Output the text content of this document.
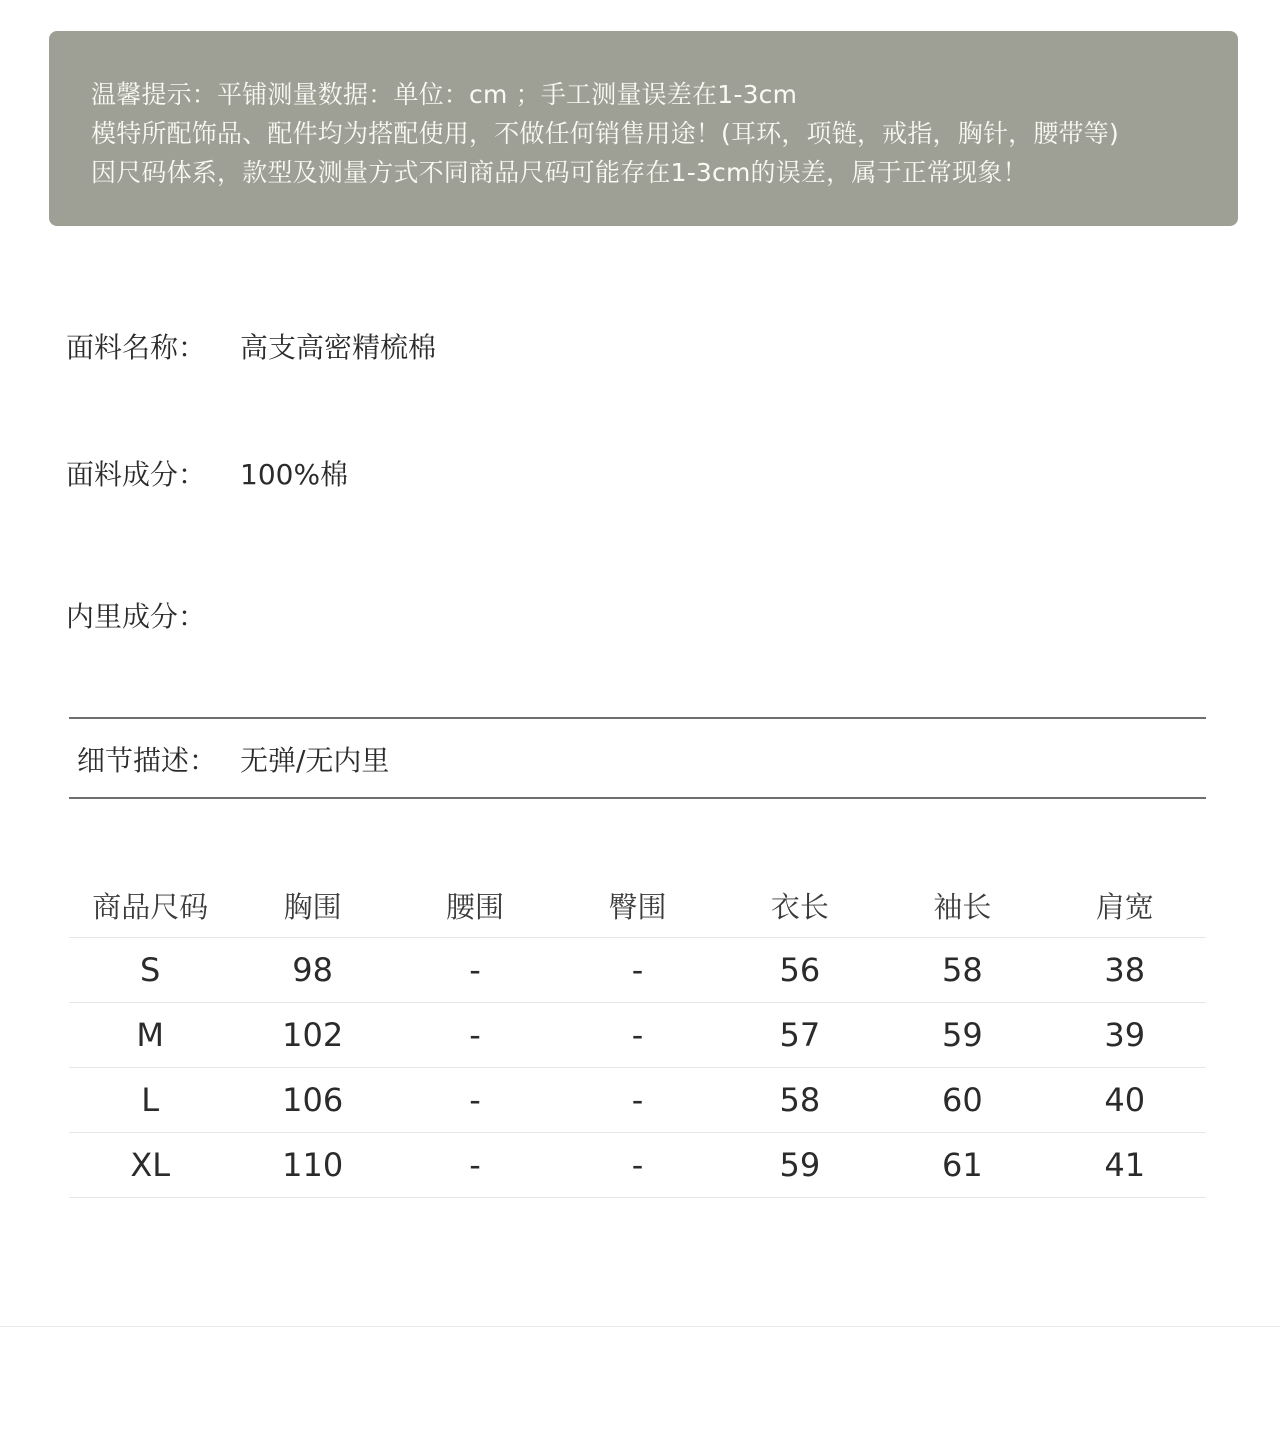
温馨提示：平铺测量数据：单位：cm ；手工测量误差在1-3cm
模特所配饰品、配件均为搭配使用，不做任何销售用途！(耳环，项链，戒指，胸针，腰带等)
因尺码体系，款型及测量方式不同商品尺码可能存在1-3cm的误差，属于正常现象！
面料名称： 高支高密精梳棉
面料成分： 100%棉
内里成分：
细节描述： 无弹/无内里
商品尺码	胸围	腰围	臀围	衣长	袖长	肩宽
S	98	-	-	56	58	38
M	102	-	-	57	59	39
L	106	-	-	58	60	40
XL	110	-	-	59	61	41
